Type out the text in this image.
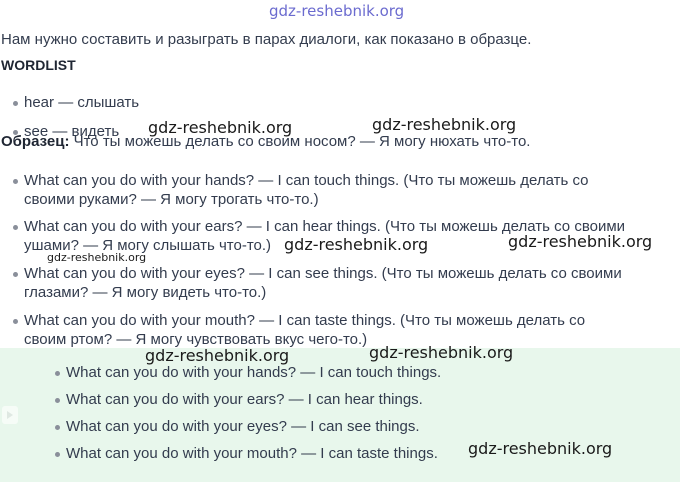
gdz-reshebnik.org
Нам нужно составить и разыграть в парах диалоги, как показано в образце.
WORDLIST
hear — слышать
see — видеть gdz-reshebnik.org	gdz-reshebnik.org
Образец: Что ты можешь делать со своим носом? — Я могу нюхать что-то.
What can you do with your hands? — I can touch things. (Что ты можешь делать со
своими руками? — Я могу трогать что-то.)
What can you do with your ears? — I can hear things. (Что ты можешь делать со своими
ушами? — Я могу слышать что-то.)
What can you do with your eyes? — I can see things. (Что ты можешь делать со своими
глазами? — Я могу видеть что-то.)
What can you do with your mouth? — I can taste things. (Что ты можешь делать со
своим ртом? — Я могу чувствовать вкус чего-то.)
gdz-reshebnik.org	gdz-reshebnik.org
gdz-reshebnik.org
What can you do with your hands? — I can touch things.
What can you do with your ears? — I can hear things.
What can you do with your eyes? — I can see things.
What can you do with your mouth? — I can taste things.
gdz-reshebnik.org	gdz-reshebnik.org
gdz-reshebnik.org
